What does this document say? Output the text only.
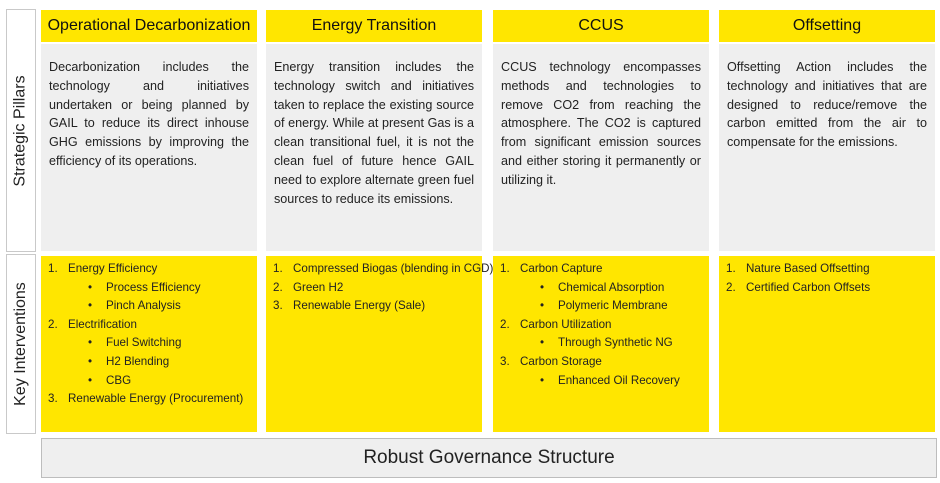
Strategic Pillars
Key Interventions
Operational Decarbonization
Decarbonization includes the technology and initiatives undertaken or being planned by GAIL to reduce its direct inhouse GHG emissions by improving the efficiency of its operations.
1. Energy Efficiency
•	Process Efficiency
•	Pinch Analysis
2. Electrification
•	Fuel Switching
•	H2 Blending
•	CBG
3. Renewable Energy (Procurement)
Energy Transition
Energy transition includes the technology switch and initiatives taken to replace the existing source of energy. While at present Gas is a clean transitional fuel, it is not the clean fuel of future hence GAIL need to explore alternate green fuel sources to reduce its emissions.
1. Compressed Biogas (blending in CGD)
2. Green H2
3. Renewable Energy (Sale)
CCUS
CCUS technology encompasses methods and technologies to remove CO2 from reaching the atmosphere. The CO2 is captured from significant emission sources and either storing it permanently or utilizing it.
1. Carbon Capture
•	Chemical Absorption
•	Polymeric Membrane
2. Carbon Utilization
•	Through Synthetic NG
3. Carbon Storage
•	Enhanced Oil Recovery
Offsetting
Offsetting Action includes the technology and initiatives that are designed to reduce/remove the carbon emitted from the air to compensate for the emissions.
1. Nature Based Offsetting
2. Certified Carbon Offsets
Robust Governance Structure
